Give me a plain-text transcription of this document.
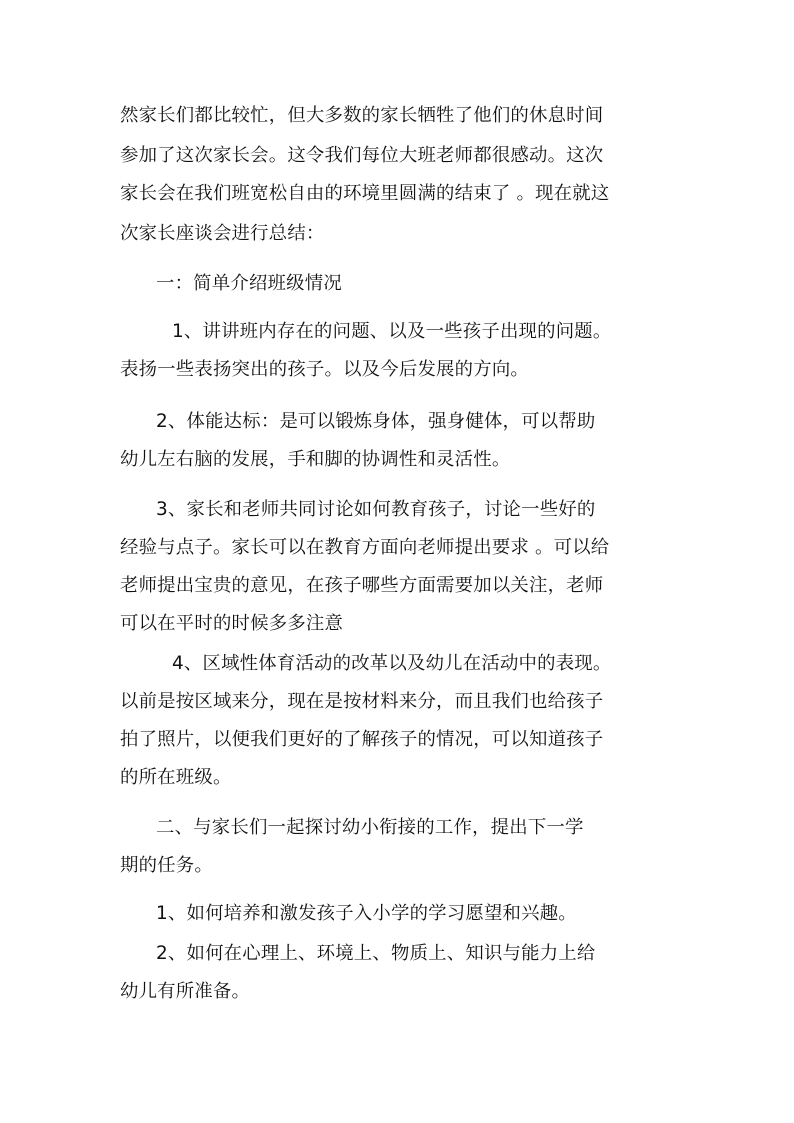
然家长们都比较忙，但大多数的家长牺牲了他们的休息时间
参加了这次家长会。这令我们每位大班老师都很感动。这次
家长会在我们班宽松自由的环境里圆满的结束了 。现在就这
次家长座谈会进行总结：
一：简单介绍班级情况
1、讲讲班内存在的问题、以及一些孩子出现的问题。
表扬一些表扬突出的孩子。以及今后发展的方向。
2、体能达标：是可以锻炼身体，强身健体，可以帮助
幼儿左右脑的发展，手和脚的协调性和灵活性。
3、家长和老师共同讨论如何教育孩子，讨论一些好的
经验与点子。家长可以在教育方面向老师提出要求 。可以给
老师提出宝贵的意见，在孩子哪些方面需要加以关注，老师
可以在平时的时候多多注意
4、区域性体育活动的改革以及幼儿在活动中的表现。
以前是按区域来分，现在是按材料来分，而且我们也给孩子
拍了照片，以便我们更好的了解孩子的情况，可以知道孩子
的所在班级。
二、与家长们一起探讨幼小衔接的工作，提出下一学
期的任务。
1、如何培养和激发孩子入小学的学习愿望和兴趣。
2、如何在心理上、环境上、物质上、知识与能力上给
幼儿有所准备。
